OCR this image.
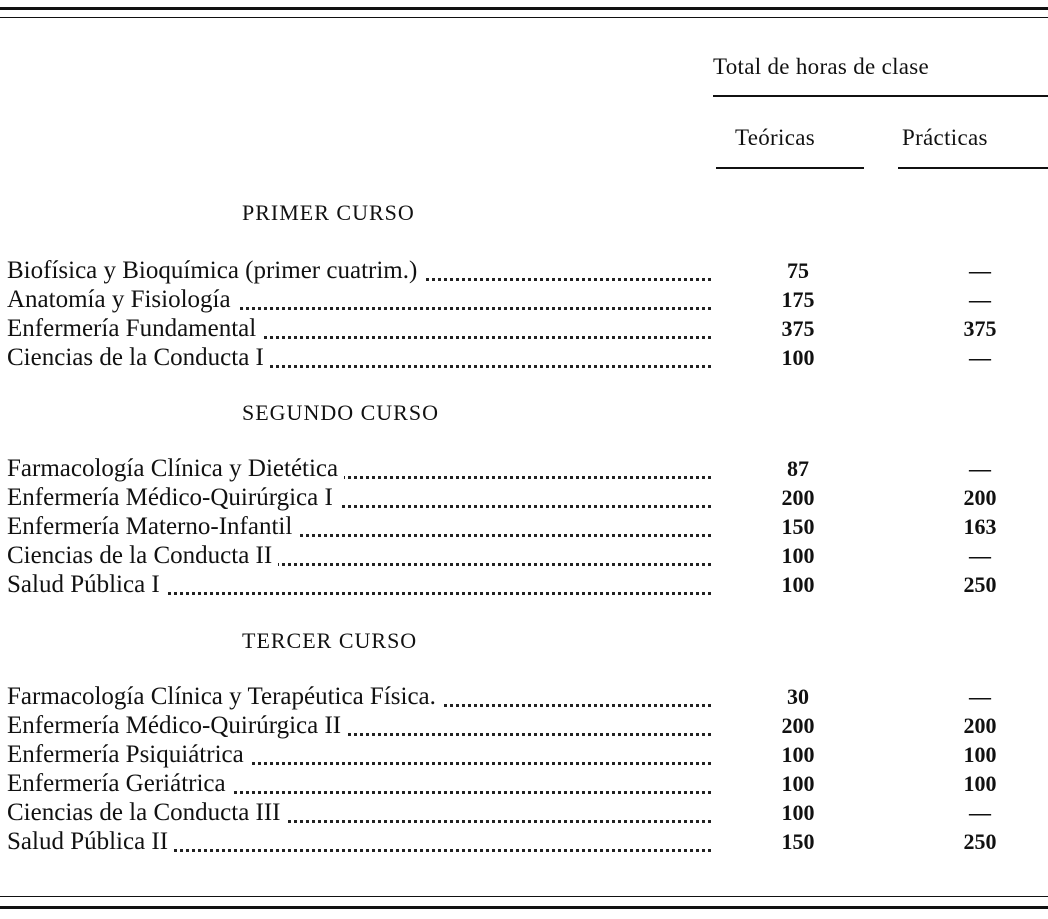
Total de horas de clase
Teóricas	Prácticas
PRIMER CURSO
Biofísica y Bioquímica (primer cuatrim.)	75	—
Anatomía y Fisiología	175	—
Enfermería Fundamental	375	375
Ciencias de la Conducta I	100	—
SEGUNDO CURSO
Farmacología Clínica y Dietética	87	—
Enfermería Médico-Quirúrgica I	200	200
Enfermería Materno-Infantil	150	163
Ciencias de la Conducta II	100	—
Salud Pública I	100	250
TERCER CURSO
Farmacología Clínica y Terapéutica Física.	30	—
Enfermería Médico-Quirúrgica II	200	200
Enfermería Psiquiátrica	100	100
Enfermería Geriátrica	100	100
Ciencias de la Conducta III	100	—
Salud Pública II	150	250
